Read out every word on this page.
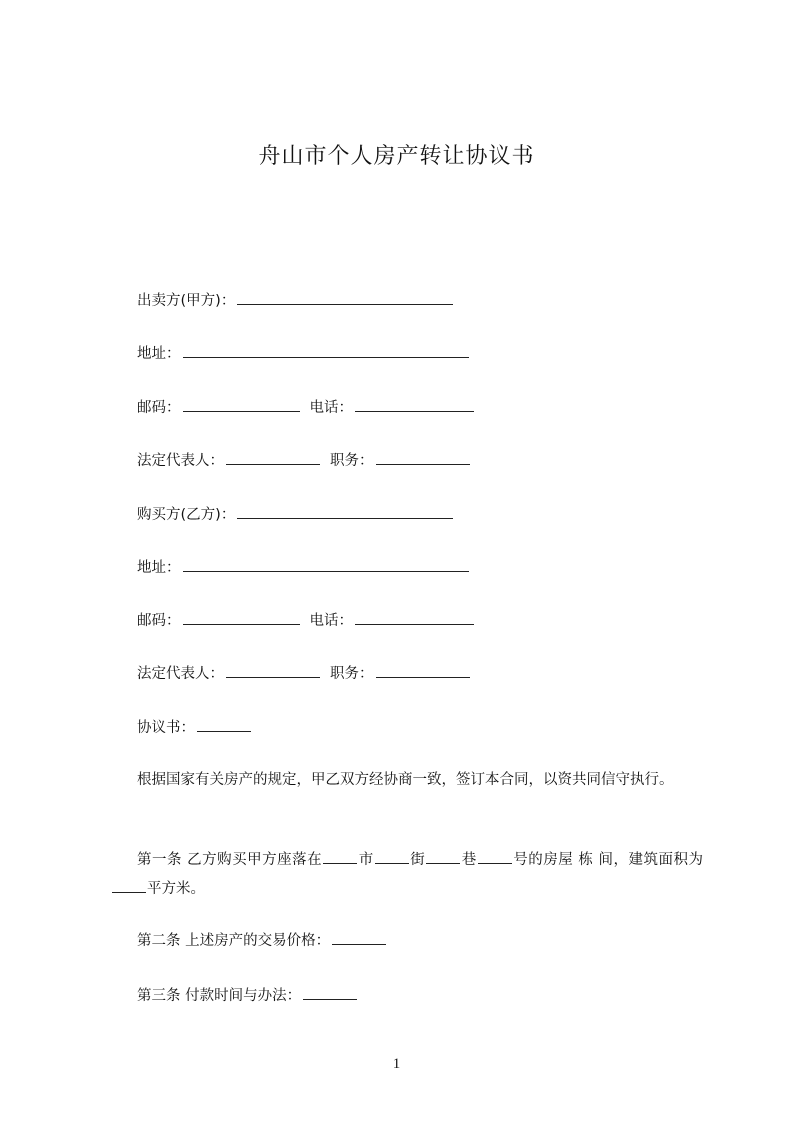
舟山市个人房产转让协议书
出卖方(甲方)：
地址：
邮码：	电话：
法定代表人：	职务：
购买方(乙方)：
地址：
邮码：	电话：
法定代表人：	职务：
协议书：
根据国家有关房产的规定，甲乙双方经协商一致，签订本合同，以资共同信守执行。
第一条 乙方购买甲方座落在 市 街 巷 号的房屋 栋 间，建筑面积为平方米。
第二条 上述房产的交易价格：
第三条 付款时间与办法：
1
